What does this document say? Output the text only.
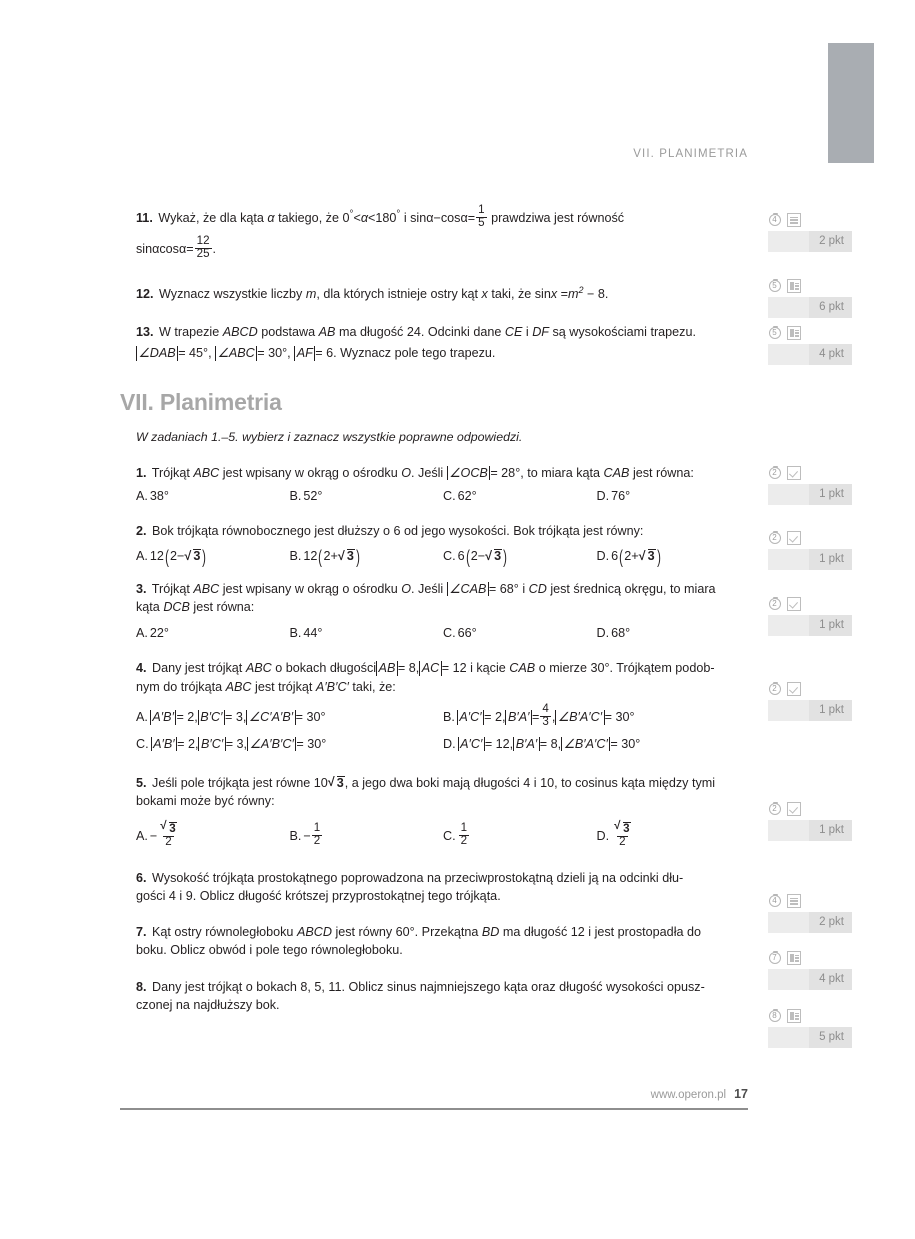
VII. PLANIMETRIA
4
2 pkt
5
6 pkt
5
4 pkt
2
1 pkt
2
1 pkt
2
1 pkt
2
1 pkt
2
1 pkt
4
2 pkt
7
4 pkt
8
5 pkt
11. Wykaż, że dla kąta α takiego, że 0°<α<180° i $\sin\alpha-\cos\alpha= \frac{1}{5}$ prawdziwa jest równość
$\sin\alpha\cos\alpha= \frac{12}{25}$ .
12. Wyznacz wszystkie liczby m, dla których istnieje ostry kąt x taki, że $\sin x =m^2 - 8$.
13. W trapezie ABCD podstawa AB ma długość 24. Odcinki dane CE i DF są wysokościami trapezu.
∠DAB = 45°, ∠ABC = 30°, AF = 6. Wyznacz pole tego trapezu.
VII. Planimetria
W zadaniach 1.–5. wybierz i zaznacz wszystkie poprawne odpowiedzi.
1. Trójkąt ABC jest wpisany w okrąg o ośrodku O. Jeśli ∠OCB = 28°, to miara kąta CAB jest równa:
A. 38°	B. 52°	C. 62°	D. 76°
2. Bok trójkąta równobocznego jest dłuższy o 6 od jego wysokości. Bok trójkąta jest równy:
A. 12 ( 2 − √ 3 )	B. 12 ( 2 + √ 3 )	C. 6 ( 2 − √ 3 )	D. 6 ( 2 + √ 3 )
3. Trójkąt ABC jest wpisany w okrąg o ośrodku O. Jeśli ∠CAB = 68° i CD jest średnicą okręgu, to miara
kąta DCB jest równa:
A. 22°	B. 44°	C. 66°	D. 68°
4. Dany jest trójkąt ABC o bokach długości AB = 8, AC = 12 i kącie CAB o mierze 30°. Trójkątem podob-
nym do trójkąta ABC jest trójkąt A′B′C′ taki, że:
A. A′B′ = 2, B′C′ = 3, ∠C′A′B′ = 30°	B. A′C′ = 2, $B'A' = \frac{4}{3}$ , ∠B′A′C′ = 30°
C. A′B′ = 2, B′C′ = 3, ∠A′B′C′ = 30°	D. A′C′ = 12, B′A′ = 8, ∠B′A′C′ = 30°
5. Jeśli pole trójkąta jest równe 10 √ 3, a jego dwa boki mają długości 4 i 10, to cosinus kąta między tymi
bokami może być równy:
A. − √ $\frac{3}{2}$	B. − $\frac{1}{2}$	C. $\frac{1}{2}$	D. √ $\frac{3}{2}$
6. Wysokość trójkąta prostokątnego poprowadzona na przeciwprostokątną dzieli ją na odcinki dłu-
gości 4 i 9. Oblicz długość krótszej przyprostokątnej tego trójkąta.
7. Kąt ostry równoległoboku ABCD jest równy 60°. Przekątna BD ma długość 12 i jest prostopadła do
boku. Oblicz obwód i pole tego równoległoboku.
8. Dany jest trójkąt o bokach 8, 5, 11. Oblicz sinus najmniejszego kąta oraz długość wysokości opusz-
czonej na najdłuższy bok.
www.operon.pl 17
